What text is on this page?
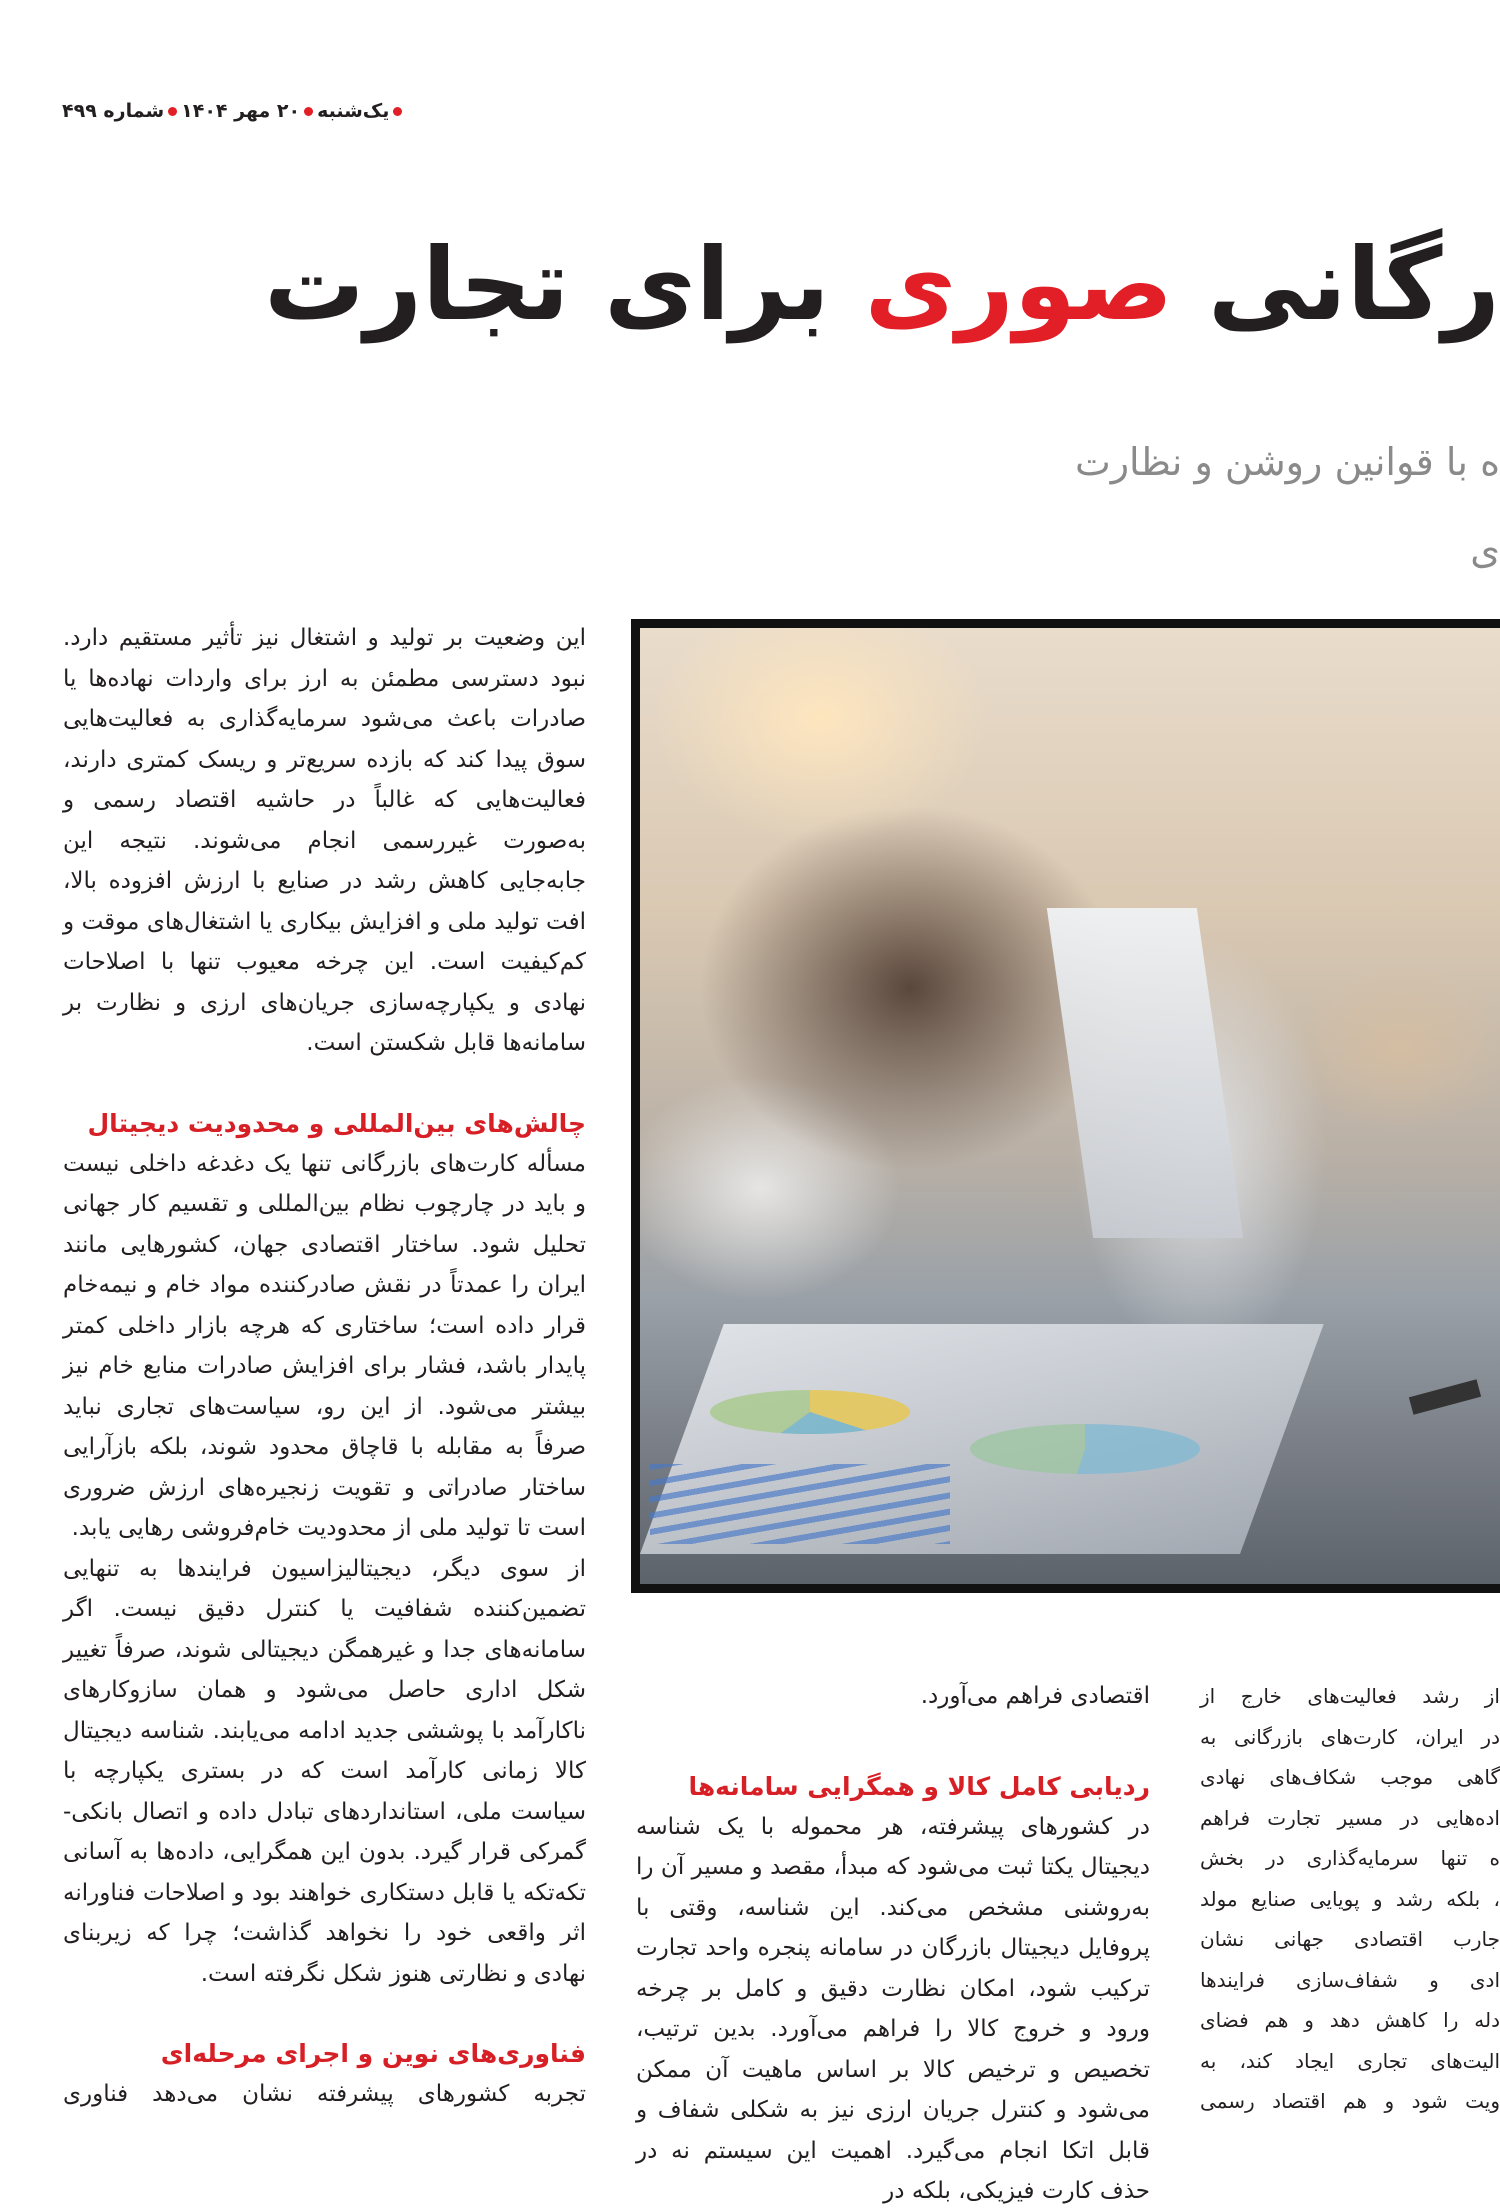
یک‌شنبه
۲۰ مهر ۱۴۰۴
شماره ۴۹۹
رگانی صوری برای تجارت
ه با قوانین روشن و نظارت
ی

این وضعیت بر تولید و اشتغال نیز تأثیر مستقیم دارد. نبود دسترسی مطمئن به ارز برای واردات نهاده‌ها یا صادرات باعث می‌شود سرمایه‌گذاری به فعالیت‌هایی سوق پیدا کند که بازده سریع‌تر و ریسک کمتری دارند، فعالیت‌هایی که غالباً در حاشیه اقتصاد رسمی و به‌صورت غیررسمی انجام می‌شوند. نتیجه این جابه‌جایی کاهش رشد در صنایع با ارزش افزوده بالا، افت تولید ملی و افزایش بیکاری یا اشتغال‌های موقت و کم‌کیفیت است. این چرخه معیوب تنها با اصلاحات نهادی و یکپارچه‌سازی جریان‌های ارزی و نظارت بر سامانه‌ها قابل شکستن است.

چالش‌های بین‌المللی و محدودیت دیجیتال

مسأله کارت‌های بازرگانی تنها یک دغدغه داخلی نیست و باید در چارچوب نظام بین‌المللی و تقسیم کار جهانی تحلیل شود. ساختار اقتصادی جهان، کشورهایی مانند ایران را عمدتاً در نقش صادرکننده مواد خام و نیمه‌خام قرار داده است؛ ساختاری که هرچه بازار داخلی کمتر پایدار باشد، فشار برای افزایش صادرات منابع خام نیز بیشتر می‌شود. از این رو، سیاست‌های تجاری نباید صرفاً به مقابله با قاچاق محدود شوند، بلکه بازآرایی ساختار صادراتی و تقویت زنجیره‌های ارزش ضروری است تا تولید ملی از محدودیت خام‌فروشی رهایی یابد.

از سوی دیگر، دیجیتالیزاسیون فرایندها به تنهایی تضمین‌کننده شفافیت یا کنترل دقیق نیست. اگر سامانه‌های جدا و غیرهمگن دیجیتالی شوند، صرفاً تغییر شکل اداری حاصل می‌شود و همان سازوکارهای ناکارآمد با پوششی جدید ادامه می‌یابند. شناسه دیجیتال کالا زمانی کارآمد است که در بستری یکپارچه با سیاست ملی، استانداردهای تبادل داده و اتصال بانکی-گمرکی قرار گیرد. بدون این همگرایی، داده‌ها به آسانی تکه‌تکه یا قابل دستکاری خواهند بود و اصلاحات فناورانه اثر واقعی خود را نخواهد گذاشت؛ چرا که زیربنای نهادی و نظارتی هنوز شکل نگرفته است.

فناوری‌های نوین و اجرای مرحله‌ای

تجربه کشورهای پیشرفته نشان می‌دهد فناوری

اقتصادی فراهم می‌آورد.

ردیابی کامل کالا و همگرایی سامانه‌ها

در کشورهای پیشرفته، هر محموله با یک شناسه دیجیتال یکتا ثبت می‌شود که مبدأ، مقصد و مسیر آن را به‌روشنی مشخص می‌کند. این شناسه، وقتی با پروفایل دیجیتال بازرگان در سامانه پنجره واحد تجارت ترکیب شود، امکان نظارت دقیق و کامل بر چرخه ورود و خروج کالا را فراهم می‌آورد. بدین ترتیب، تخصیص و ترخیص کالا بر اساس ماهیت آن ممکن می‌شود و کنترل جریان ارزی نیز به شکلی شفاف و قابل اتکا انجام می‌گیرد. اهمیت این سیستم نه در حذف کارت فیزیکی، بلکه در

از رشد فعالیت‌های خارج از
در ایران، کارت‌های بازرگانی به
گاهی موجب شکاف‌های نهادی
اده‌هایی در مسیر تجارت فراهم
ه تنها سرمایه‌گذاری در بخش
، بلکه رشد و پویایی صنایع مولد
جارب اقتصادی جهانی نشان
ادی و شفاف‌سازی فرایندها
دله را کاهش دهد و هم فضای
الیت‌های تجاری ایجاد کند، به
ویت شود و هم اقتصاد رسمی
